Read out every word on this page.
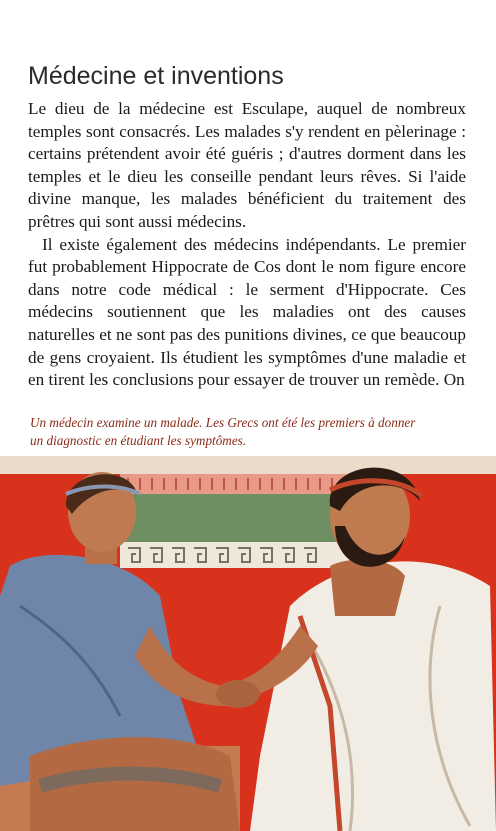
Médecine et inventions

Le dieu de la médecine est Esculape, auquel de nombreux temples sont consacrés. Les malades s'y rendent en pèlerinage : certains prétendent avoir été guéris ; d'autres dorment dans les temples et le dieu les conseille pendant leurs rêves. Si l'aide divine manque, les malades bénéficient du traitement des prêtres qui sont aussi médecins.

Il existe également des médecins indépendants. Le premier fut probablement Hippocrate de Cos dont le nom figure encore dans notre code médical : le serment d'Hippocrate. Ces médecins soutiennent que les maladies ont des causes naturelles et ne sont pas des punitions divines, ce que beaucoup de gens croyaient. Ils étudient les symptômes d'une maladie et en tirent les conclusions pour essayer de trouver un remède. On

Un médecin examine un malade. Les Grecs ont été les premiers à donner un diagnostic en étudiant les symptômes.
